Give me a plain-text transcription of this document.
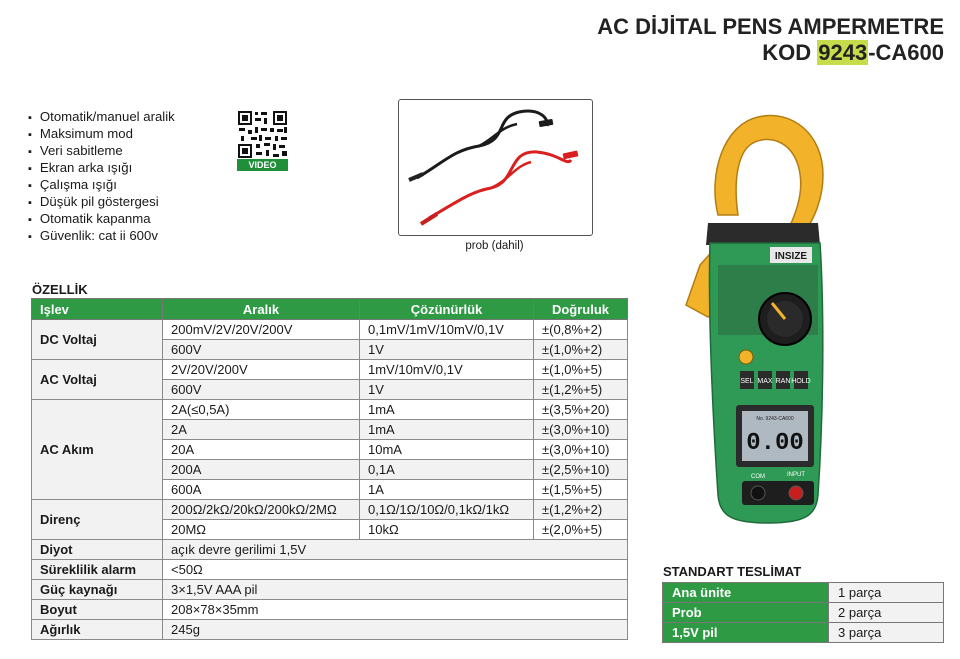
AC DİJİTAL PENS AMPERMETRE
KOD 9243-CA600
▪ Otomatik/manuel aralik
▪ Maksimum mod
▪ Veri sabitleme
▪ Ekran arka ışığı
▪ Çalışma ışığı
▪ Düşük pil göstergesi
▪ Otomatik kapanma
▪ Güvenlik: cat ii 600v
VIDEO
prob (dahil)
INSIZE
SEL MAX RAN HOLD
No. 9243-CA600
0.00
COM	INPUT
ÖZELLİK
Işlev	Aralık	Çözünürlük	Doğruluk
DC Voltaj	200mV/2V/20V/200V	0,1mV/1mV/10mV/0,1V	±(0,8%+2)
	600V	1V	±(1,0%+2)
AC Voltaj	2V/20V/200V	1mV/10mV/0,1V	±(1,0%+5)
	600V	1V	±(1,2%+5)
AC Akım	2A(≤0,5A)	1mA	±(3,5%+20)
	2A	1mA	±(3,0%+10)
	20A	10mA	±(3,0%+10)
	200A	0,1A	±(2,5%+10)
	600A	1A	±(1,5%+5)
Direnç	200Ω/2kΩ/20kΩ/200kΩ/2MΩ	0,1Ω/1Ω/10Ω/0,1kΩ/1kΩ	±(1,2%+2)
	20MΩ	10kΩ	±(2,0%+5)
Diyot	açık devre gerilimi 1,5V		
Süreklilik alarm	<50Ω		
Güç kaynağı	3×1,5V AAA pil		
Boyut	208×78×35mm		
Ağırlık	245g		
STANDART TESLİMAT
Ana ünite	1 parça
Prob	2 parça
1,5V pil	3 parça
